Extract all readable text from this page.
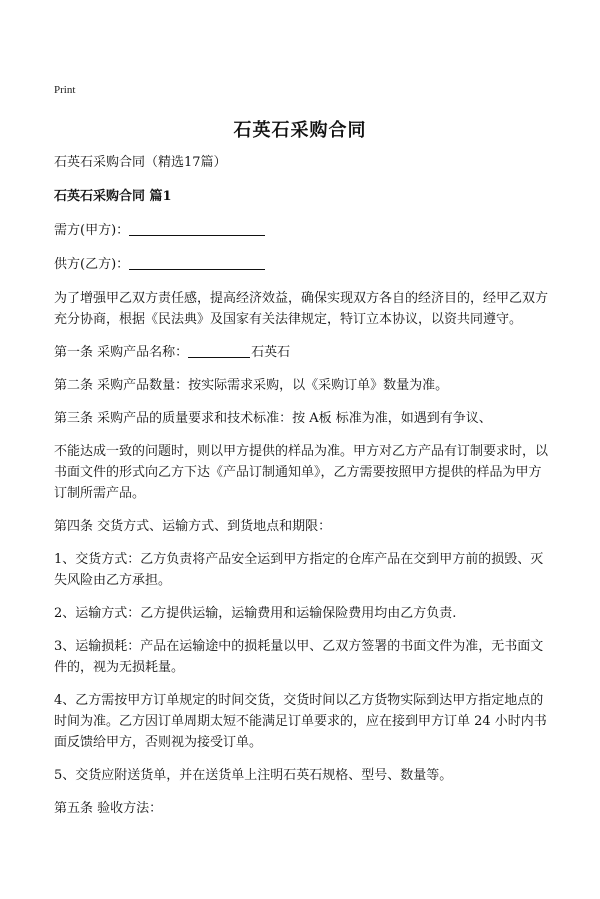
Print
石英石采购合同

石英石采购合同（精选17篇）

石英石采购合同 篇1

需方(甲方)：

供方(乙方)：

为了增强甲乙双方责任感，提高经济效益，确保实现双方各自的经济目的，经甲乙双方充分协商，根据《民法典》及国家有关法律规定，特订立本协议，以资共同遵守。

第一条 采购产品名称：	石英石

第二条 采购产品数量：按实际需求采购，以《采购订单》数量为准。

第三条 采购产品的质量要求和技术标准：按 A板 标准为准，如遇到有争议、

不能达成一致的问题时，则以甲方提供的样品为准。甲方对乙方产品有订制要求时，以书面文件的形式向乙方下达《产品订制通知单》，乙方需要按照甲方提供的样品为甲方订制所需产品。

第四条 交货方式、运输方式、到货地点和期限：

1、交货方式：乙方负责将产品安全运到甲方指定的仓库产品在交到甲方前的损毁、灭失风险由乙方承担。

2、运输方式：乙方提供运输，运输费用和运输保险费用均由乙方负责.

3、运输损耗：产品在运输途中的损耗量以甲、乙双方签署的书面文件为准，无书面文件的，视为无损耗量。

4、乙方需按甲方订单规定的时间交货，交货时间以乙方货物实际到达甲方指定地点的时间为准。乙方因订单周期太短不能满足订单要求的，应在接到甲方订单 24 小时内书面反馈给甲方，否则视为接受订单。

5、交货应附送货单，并在送货单上注明石英石规格、型号、数量等。

第五条 验收方法：
